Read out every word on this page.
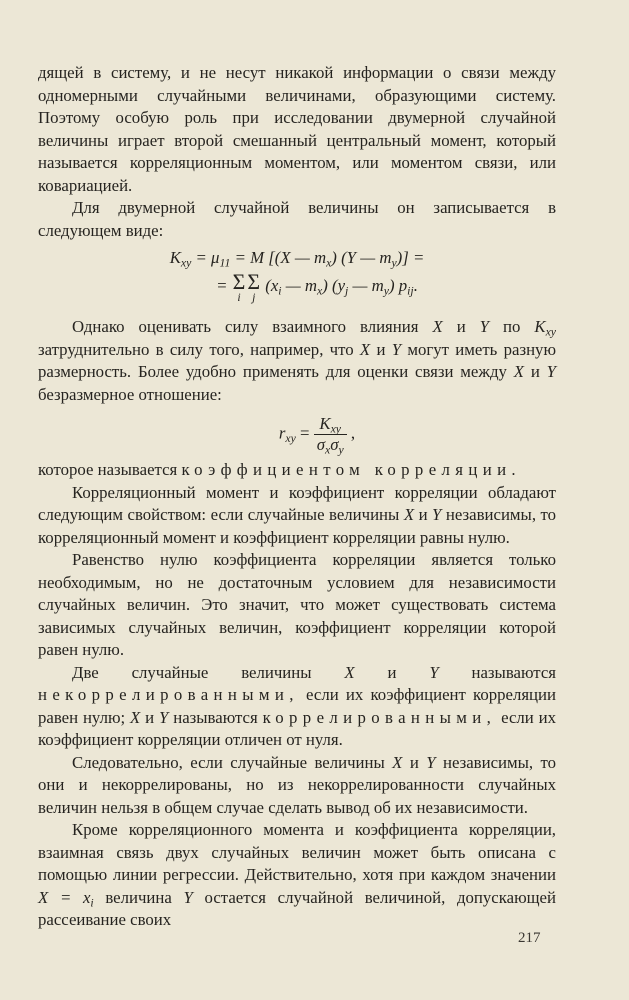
дящей в систему, и не несут никакой информации о связи между одномерными случайными величинами, образующими систему. Поэтому особую роль при исследовании двумерной случайной величины играет второй смешанный центральный момент, который называется корреляционным моментом, или моментом связи, или ковариацией.

Для двумерной случайной величины он записывается в следующем виде:

$K_{xy} = \mu_{11} = M$ [(X — $m_x$) (Y — $m_y$)] =
= Σ
i
Σ
j
($x_i$ — $m_x$) ($y_j$ — $m_y$) $p_{ij}$.

Однако оценивать силу взаимного влияния X и Y по $K_{xy}$ затруднительно в силу того, например, что X и Y могут иметь разную размерность. Более удобно применять для оценки связи между X и Y безразмерное отношение:

$r_{xy} = \frac{K_{xy}}{\sigma_x\sigma_y}$ ,

которое называется коэффициентом корреляции.

Корреляционный момент и коэффициент корреляции обладают следующим свойством: если случайные величины X и Y независимы, то корреляционный момент и коэффициент корреляции равны нулю.

Равенство нулю коэффициента корреляции является только необходимым, но не достаточным условием для независимости случайных величин. Это значит, что может существовать система зависимых случайных величин, коэффициент корреляции которой равен нулю.

Две случайные величины X и Y называются некоррелированными, если их коэффициент корреляции равен нулю; X и Y называются коррелированными, если их коэффициент корреляции отличен от нуля.

Следовательно, если случайные величины X и Y независимы, то они и некоррелированы, но из некоррелированности случайных величин нельзя в общем случае сделать вывод об их независимости.

Кроме корреляционного момента и коэффициента корреляции, взаимная связь двух случайных величин может быть описана с помощью линии регрессии. Действительно, хотя при каждом значении $X = x_i$ величина Y остается случайной величиной, допускающей рассеивание своих

217
